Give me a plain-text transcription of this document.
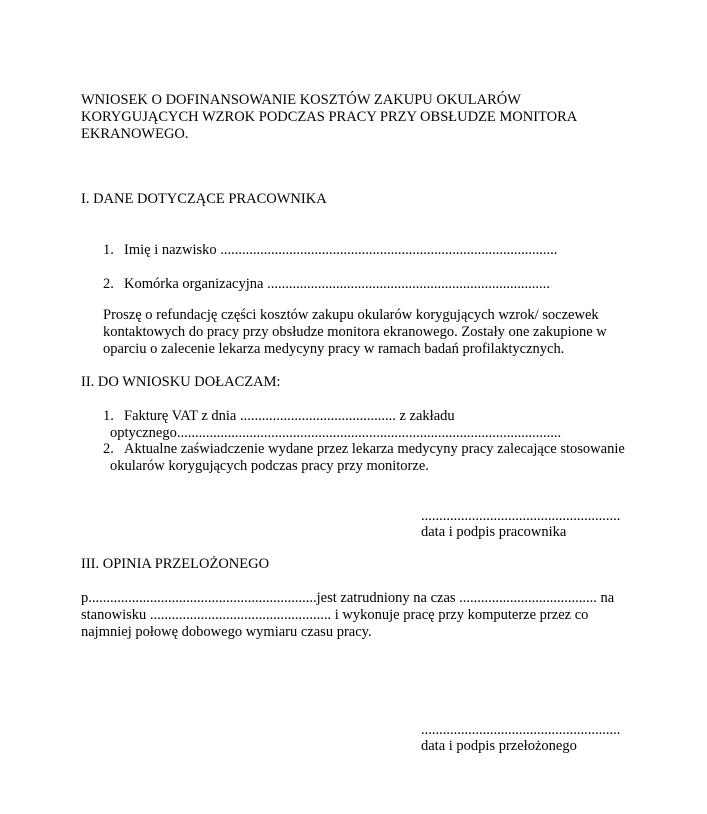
WNIOSEK O DOFINANSOWANIE KOSZTÓW ZAKUPU OKULARÓW
KORYGUJĄCYCH WZROK PODCZAS PRACY PRZY OBSŁUDZE MONITORA
EKRANOWEGO.
I. DANE DOTYCZĄCE PRACOWNIKA
1. Imię i nazwisko .............................................................................................
2. Komórka organizacyjna ..............................................................................
Proszę o refundację części kosztów zakupu okularów korygujących wzrok/ soczewek
kontaktowych do pracy przy obsłudze monitora ekranowego. Zostały one zakupione w
oparciu o zalecenie lekarza medycyny pracy w ramach badań profilaktycznych.
II. DO WNIOSKU DOŁACZAM:
1. Fakturę VAT z dnia ........................................... z zakładu
optycznego..........................................................................................................
2. Aktualne zaświadczenie wydane przez lekarza medycyny pracy zalecające stosowanie
okularów korygujących podczas pracy przy monitorze.
.......................................................
data i podpis pracownika
III. OPINIA PRZELOŻONEGO
p...............................................................jest zatrudniony na czas ...................................... na
stanowisku .................................................. i wykonuje pracę przy komputerze przez co
najmniej połowę dobowego wymiaru czasu pracy.
.......................................................
data i podpis przełożonego
